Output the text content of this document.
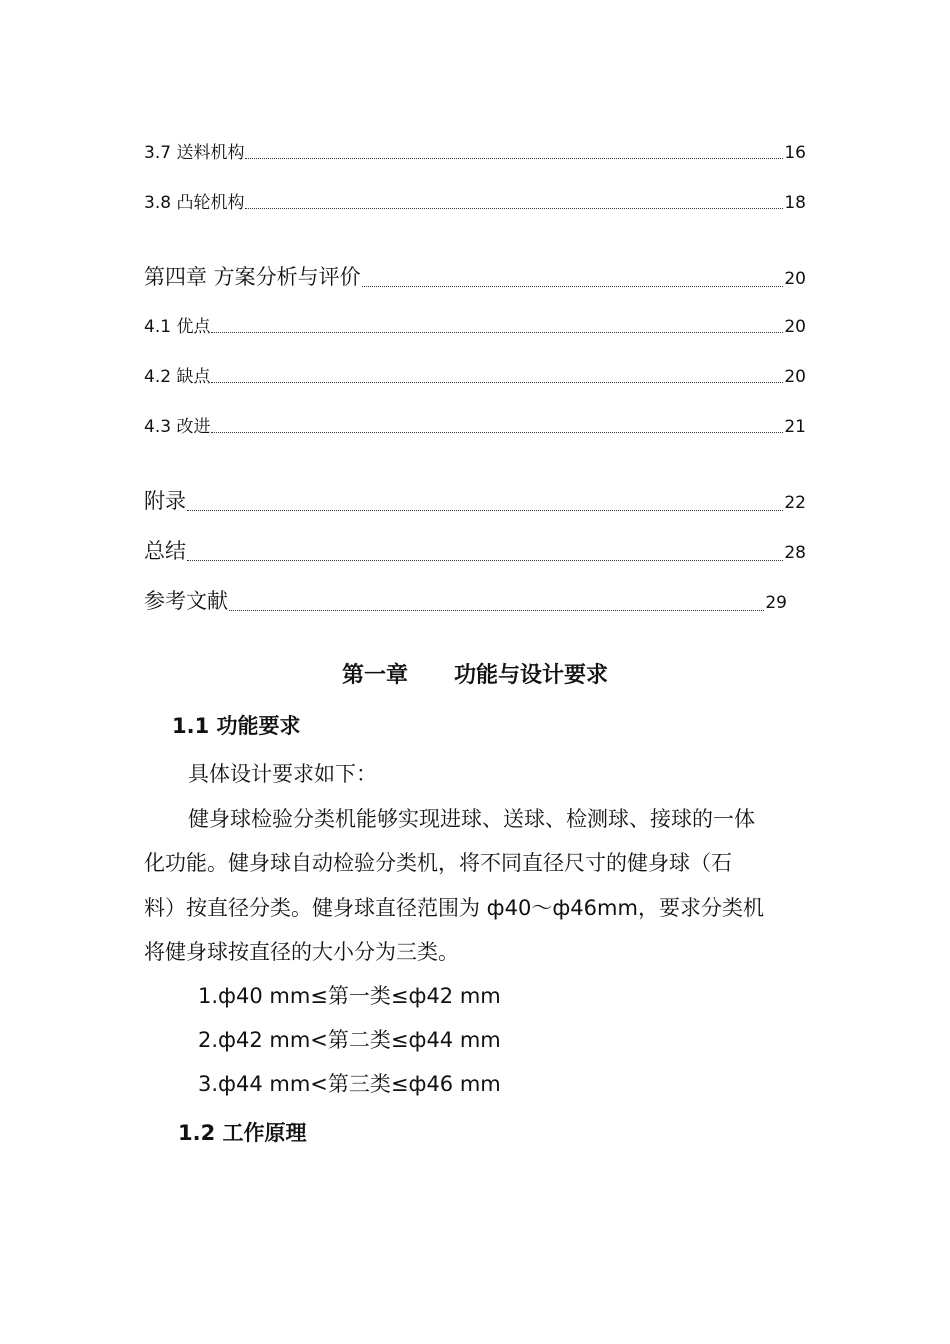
3.7 送料机构	16
3.8 凸轮机构	18
第四章 方案分析与评价	20
4.1 优点	20
4.2 缺点	20
4.3 改进	21
附录	22
总结	28
参考文献	29
第一章      功能与设计要求
1.1 功能要求
具体设计要求如下：
健身球检验分类机能够实现进球、送球、检测球、接球的一体
化功能。健身球自动检验分类机，将不同直径尺寸的健身球（石
料）按直径分类。健身球直径范围为 ф40～ф46mm，要求分类机
将健身球按直径的大小分为三类。
1.ф40 mm≤第一类≤ф42 mm
2.ф42 mm<第二类≤ф44 mm
3.ф44 mm<第三类≤ф46 mm
1.2 工作原理
